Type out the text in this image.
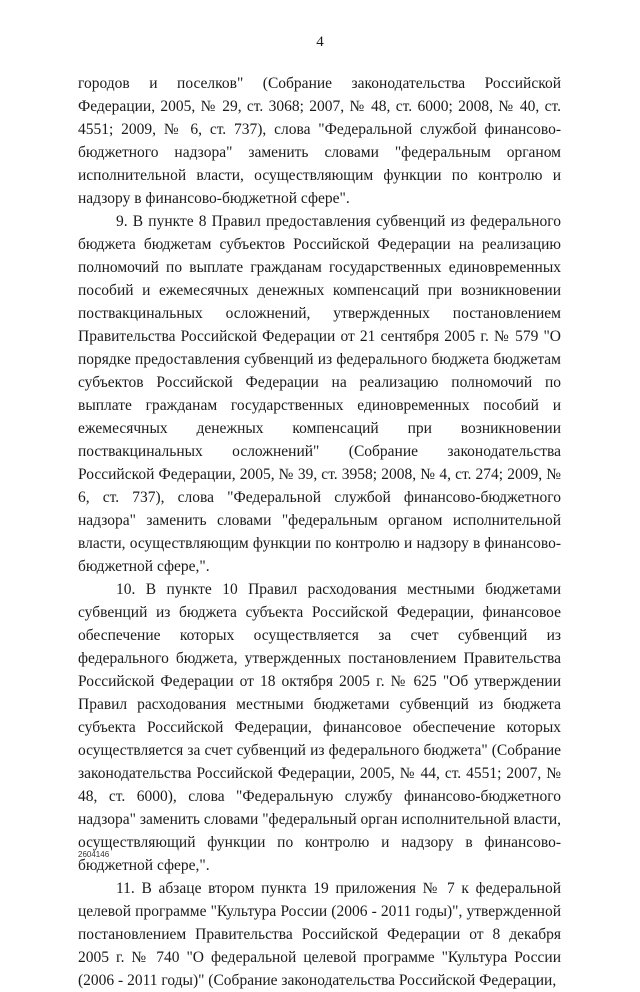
4

городов и поселков" (Собрание законодательства Российской Федерации, 2005, № 29, ст. 3068; 2007, № 48, ст. 6000; 2008, № 40, ст. 4551; 2009, № 6, ст. 737), слова "Федеральной службой финансово-бюджетного надзора" заменить словами "федеральным органом исполнительной власти, осуществляющим функции по контролю и надзору в финансово-бюджетной сфере".

9. В пункте 8 Правил предоставления субвенций из федерального бюджета бюджетам субъектов Российской Федерации на реализацию полномочий по выплате гражданам государственных единовременных пособий и ежемесячных денежных компенсаций при возникновении поствакцинальных осложнений, утвержденных постановлением Правительства Российской Федерации от 21 сентября 2005 г. № 579 "О порядке предоставления субвенций из федерального бюджета бюджетам субъектов Российской Федерации на реализацию полномочий по выплате гражданам государственных единовременных пособий и ежемесячных денежных компенсаций при возникновении поствакцинальных осложнений" (Собрание законодательства Российской Федерации, 2005, № 39, ст. 3958; 2008, № 4, ст. 274; 2009, № 6, ст. 737), слова "Федеральной службой финансово-бюджетного надзора" заменить словами "федеральным органом исполнительной власти, осуществляющим функции по контролю и надзору в финансово-бюджетной сфере,".

10. В пункте 10 Правил расходования местными бюджетами субвенций из бюджета субъекта Российской Федерации, финансовое обеспечение которых осуществляется за счет субвенций из федерального бюджета, утвержденных постановлением Правительства Российской Федерации от 18 октября 2005 г. № 625 "Об утверждении Правил расходования местными бюджетами субвенций из бюджета субъекта Российской Федерации, финансовое обеспечение которых осуществляется за счет субвенций из федерального бюджета" (Собрание законодательства Российской Федерации, 2005, № 44, ст. 4551; 2007, № 48, ст. 6000), слова "Федеральную службу финансово-бюджетного надзора" заменить словами "федеральный орган исполнительной власти, осуществляющий функции по контролю и надзору в финансово-бюджетной сфере,".

11. В абзаце втором пункта 19 приложения № 7 к федеральной целевой программе "Культура России (2006 - 2011 годы)", утвержденной постановлением Правительства Российской Федерации от 8 декабря 2005 г. № 740 "О федеральной целевой программе "Культура России (2006 - 2011 годы)" (Собрание законодательства Российской Федерации,

2604146
